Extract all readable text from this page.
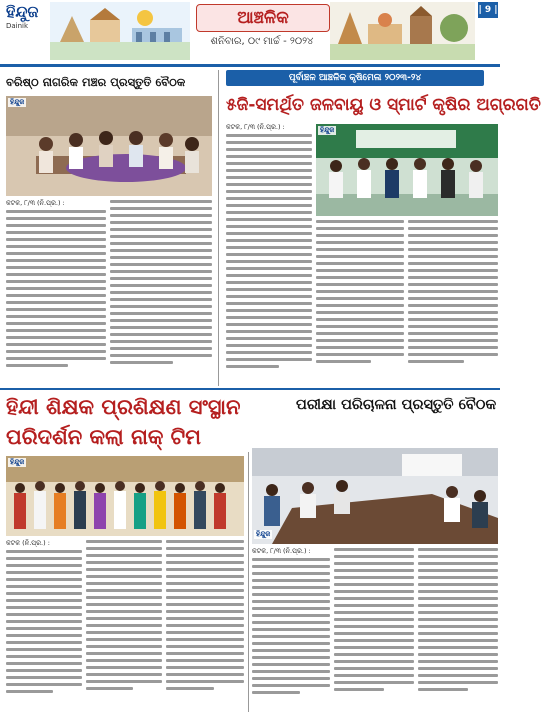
ହିନ୍ଦୁଜ
Dainik	ଆଞ୍ଚଳିକ
ଶନିବାର, ୦୯ ମାର୍ଚ୍ଚ - ୨୦୨୪
| 9 |
ବରିଷ୍ଠ ନାଗରିକ ମଞ୍ଚର ପ୍ରସ୍ତୁତି ବୈଠକ
ହିନ୍ଦୁଜ
କଟକ, ୮/୩ (ନି.ପ୍ର.) :
ପୂର୍ବାଞ୍ଚଳ ଆଞ୍ଚଳିକ କୃଷିମେଳା ୨୦୨୩-୨୪
୫ଜି-ସମର୍ଥିତ ଜଳବାୟୁ ଓ ସ୍ମାର୍ଟ କୃଷିର ଅଗ୍ରଗତି
କଟକ, ୮/୩ (ନି.ପ୍ର.) :	ହିନ୍ଦୁଜ
ହିନ୍ଦୀ ଶିକ୍ଷକ ପ୍ରଶିକ୍ଷଣ ସଂସ୍ଥାନ ପରିଦର୍ଶନ କଲା ନାକ୍ ଟିମ
ହିନ୍ଦୁଜ
କଟକ (ନି.ପ୍ର.) :
ପରୀକ୍ଷା ପରିଚାଳନା ପ୍ରସ୍ତୁତି ବୈଠକ
ହିନ୍ଦୁଜ
କଟକ, ୮/୩ (ନି.ପ୍ର.) :
